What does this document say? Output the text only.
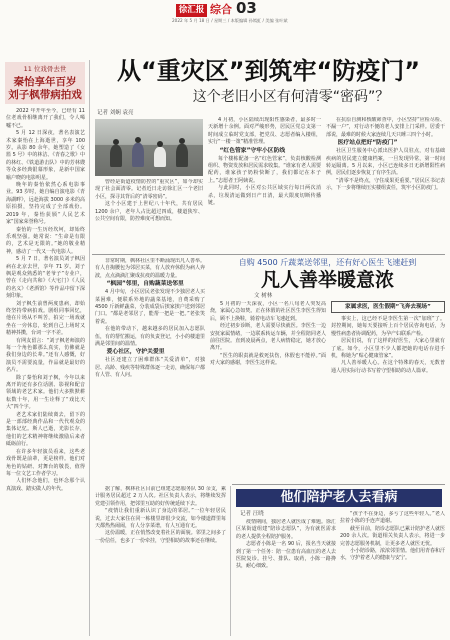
徐汇报 综合 03
2022 年 5 月 18 日 / 星期三 / 本版编辑 孙嫣虹 / 美编 张叶斌
11 位戏骨去世
秦怡享年百岁
刘子枫带病拍戏

2022 年开年至今，已经有 11 位老戏骨相继离开了我们，令人唏嘘不已。

5 月 12 日深夜，著名表演艺术家秦怡在上海逝世，享年 100 岁。从影 80 余年，她塑造了《女篮 5 号》中的林洁、《青春之歌》中的林红、《铁道游击队》中的芳林嫂等众多经典银幕形象，是新中国家喻户晓的电影明星。

晚年的秦怡依然心系电影事业。93 岁时，她自编自演电影《青海湖畔》，远赴海拔 3000 多米的高原拍摄，坚持完成了全部戏份。2019 年，秦怡获颁“人民艺术家”国家荣誉称号。

秦怡的一生历经坎坷，却始终乐观坚强。她常说：“生命是有限的，艺术是无限的。”她的敬业精神，感动了一代又一代电影人。

5 月 7 日，著名演员刘子枫因病在北京去世，享年 71 岁。刘子枫是观众熟悉的“老爷子”专业户，曾在《走向共和》《大宅门》《人民的名义》《老酒馆》等作品中留下深刻印象。

刘子枫生前曾两度患病，却始终坚持带病拍戏。剧组同事回忆，他在片场从不叫苦，拍完一场戏就坐在一旁休息，轮到自己上场时又精神抖擞，台词一字不差。

有网友留言：“刘子枫老师演的每一个角色都那么真实，仿佛就是我们身边的长辈。”还有人感慨，好演员不需要流量，作品就是最好的名片。

除了秦怡和刘子枫，今年以来离开的还有多位话剧、影视和配音领域的老艺术家。他们大多默默耕耘数十年，用一生诠释了“戏比天大”四个字。

老艺术家们陆续离去，留下的是一部部经典作品和一代代观众的集体记忆。斯人已逝，光影长存，他们的艺术精神将继续激励后来者砥砺前行。

在许多年轻演员看来，这些老戏骨既是前辈，更是榜样。他们对角色的钻研、对舞台的敬畏，值得每一位文艺工作者学习。

人们怀念他们，也怀念那个认真演戏、踏实做人的年代。

从“重灾区”到筑牢“防疫门”
这个老旧小区有何清零“密码”？
记者 刘娴 袁亮

曾经是街道疫情防控的“重灾区”，如今却实现了社会面清零。记者近日走访徐汇区一个老旧小区，探寻其背后的“清零密码”。

这个小区建于上世纪八十年代，共有居民 1200 余户，老年人占比超过四成，楼道狭窄、公共空间有限，防控难度可想而知。

4 月初，小区陆续出现阳性感染者，最多时一天新增十余例。面对严峻形势，居民区党总支第一时间成立临时党支部，把党员、志愿者编入楼组，实行“一楼一策”精准管理。

“红色管家”守牢小区防线

每个楼栋配备一名“红色管家”，负责核酸检测组织、物资发放和居民需求收集。“谁家有老人需要配药，谁家孩子奶粉快断了，我们都记在本子上。”志愿者王阿姨说。

与此同时，小区对公共区域实行每日两次消杀，垃圾清运做到日产日清，最大限度切断传播链。

在抗原自测和核酸筛查中，小区坚持“应检尽检、不漏一户”，对行动不便的老人安排上门采样。居委干部说，最难的时候大家连续几天只睡三四个小时。

医疗站点把好“防疫门”

社区卫生服务中心派出医护人员驻点，对有基础疾病的居民建立健康档案，一旦发现异常，第一时间转运隔离。5 月以来，小区已连续多日无新增阳性病例，居民们逐步恢复了有序生活。

“清零不是终点，守住成果更重要。”居民区书记表示，下一步将继续压实楼组责任，筑牢小区防疫门。

非常时期，枫林社区里不断涌现出凡人善举。有人自掏腰包为邻居买菜，有人放弃休假为病人奔波，点点滴滴汇聚成抗疫的温暖力量。

“枫园”邻里，自购蔬菜送邻里

4 月中旬，小区居民老张发现不少独居老人买菜困难，便联系外地的蔬菜基地，自费采购了 4500 斤新鲜蔬菜，分装成袋后挨家挨户送到邻居门口。“都是老邻居了，能帮一把是一把。”老张笑着说。

在他的带动下，越来越多的居民加入志愿队伍，有的帮忙搬运，有的负责登记，小小的楼道里满是邻里间的温情。

爱心社区，守护关爱里

社区还建立了困难群体“关爱清单”，对独居、高龄、残疾等特殊群体逐一走访，确保每户都有人管、有人问。

自购 4500 斤蔬菜送邻里，还有好心医生飞速赶到
凡人善举暖意浓
文 树林

5 月初的一天深夜，小区一名八旬老人突发高烧，家属心急如焚。正在休假的社区医生李医生得知后，顾不上换鞋，骑着电动车飞速赶到。

经过初步诊断，老人需要尽快就医。李医生一边安抚家属情绪，一边联系转运车辆，并全程陪同老人前往医院。直到凌晨两点，老人病情稳定，她才放心离开。

“医生的职责就是救死扶伤，休假也不能停。”面对大家的感谢，李医生这样说。

家属求医，医生假期“飞奔去现场”

事实上，这已经不是李医生第一次“加班”了。封控期间，她每天要接听上百个居民咨询电话，为慢性病患者协调配药，为孕产妇联系产检。

居民们说，有了这样的好医生，大家心里就有了底。如今，小区里不少人都把她的电话存进手机，称她为“贴心健康管家”。

凡人善举暖人心。在这个特殊的春天，无数普通人用实际行动书写着守望相助的动人篇章。

据了解，枫林社区目前已组建志愿服务队 30 余支，累计服务居民超过 2 万人次。社区负责人表示，将继续发挥党建引领作用，把邻里互助的好传统延续下去。

“疫情让我们重新认识了身边的邻居。”一位年轻居民说，过去大家住在同一栋楼里却很少交流，如今楼道群里每天都热热闹闹，有人分享菜谱，有人互通有无。

这份温暖，正在悄然改变着社区的面貌。邻里之间多了一份信任，也多了一份牵挂，守望相助的故事还在继续。

他们陪护老人去看病
记者 汪晓

疫情期间，独居老人就医成了难题。徐汇区某街道组建“陪诊志愿队”，为有就医需求的老人提供全程陪护服务。

志愿者小陈是一名 90 后，报名当天就接到了第一个任务：陪一位患有高血压的老人去医院复诊。挂号、排队、取药，小陈一路搀扶，耐心细致。

“孩子不在身边，多亏了这些年轻人。”老人拉着小陈的手连声道谢。

截至目前，陪诊志愿队已累计陪护老人就医 200 余人次。街道相关负责人表示，将进一步完善志愿服务机制，让更多老人就医无忧。

小小陪诊路，浓浓邻里情。他们用青春和汗水，守护着老人的健康与安宁。
